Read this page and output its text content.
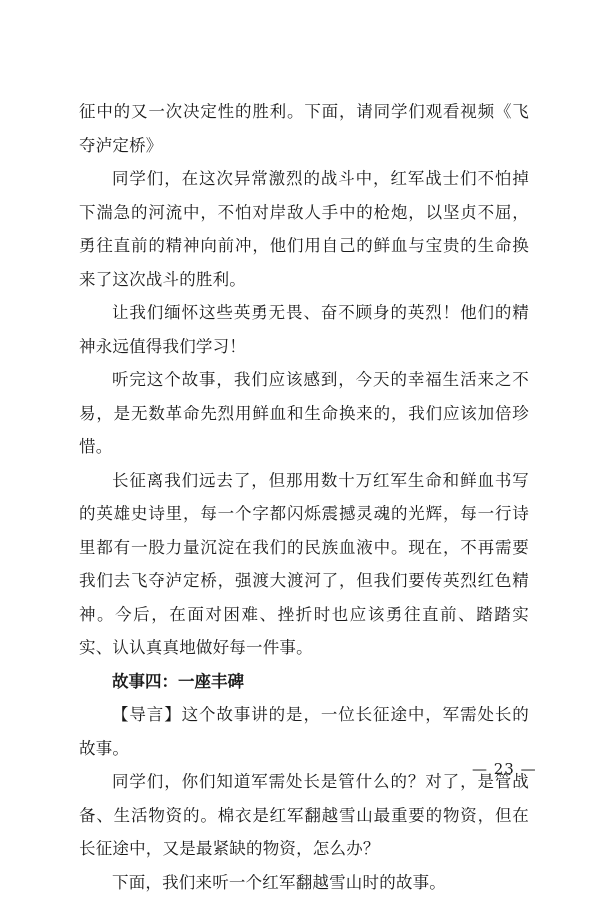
征中的又一次决定性的胜利。下面，请同学们观看视频《飞夺泸定桥》

同学们，在这次异常激烈的战斗中，红军战士们不怕掉下湍急的河流中，不怕对岸敌人手中的枪炮，以坚贞不屈，勇往直前的精神向前冲，他们用自己的鲜血与宝贵的生命换来了这次战斗的胜利。

让我们缅怀这些英勇无畏、奋不顾身的英烈！他们的精神永远值得我们学习！

听完这个故事，我们应该感到，今天的幸福生活来之不易，是无数革命先烈用鲜血和生命换来的，我们应该加倍珍惜。

长征离我们远去了，但那用数十万红军生命和鲜血书写的英雄史诗里，每一个字都闪烁震撼灵魂的光辉，每一行诗里都有一股力量沉淀在我们的民族血液中。现在，不再需要我们去飞夺泸定桥，强渡大渡河了，但我们要传英烈红色精神。今后，在面对困难、挫折时也应该勇往直前、踏踏实实、认认真真地做好每一件事。

故事四：一座丰碑

【导言】这个故事讲的是，一位长征途中，军需处长的故事。

同学们，你们知道军需处长是管什么的？对了，是管战备、生活物资的。棉衣是红军翻越雪山最重要的物资，但在长征途中，又是最紧缺的物资，怎么办？

下面，我们来听一个红军翻越雪山时的故事。

— 23 —
